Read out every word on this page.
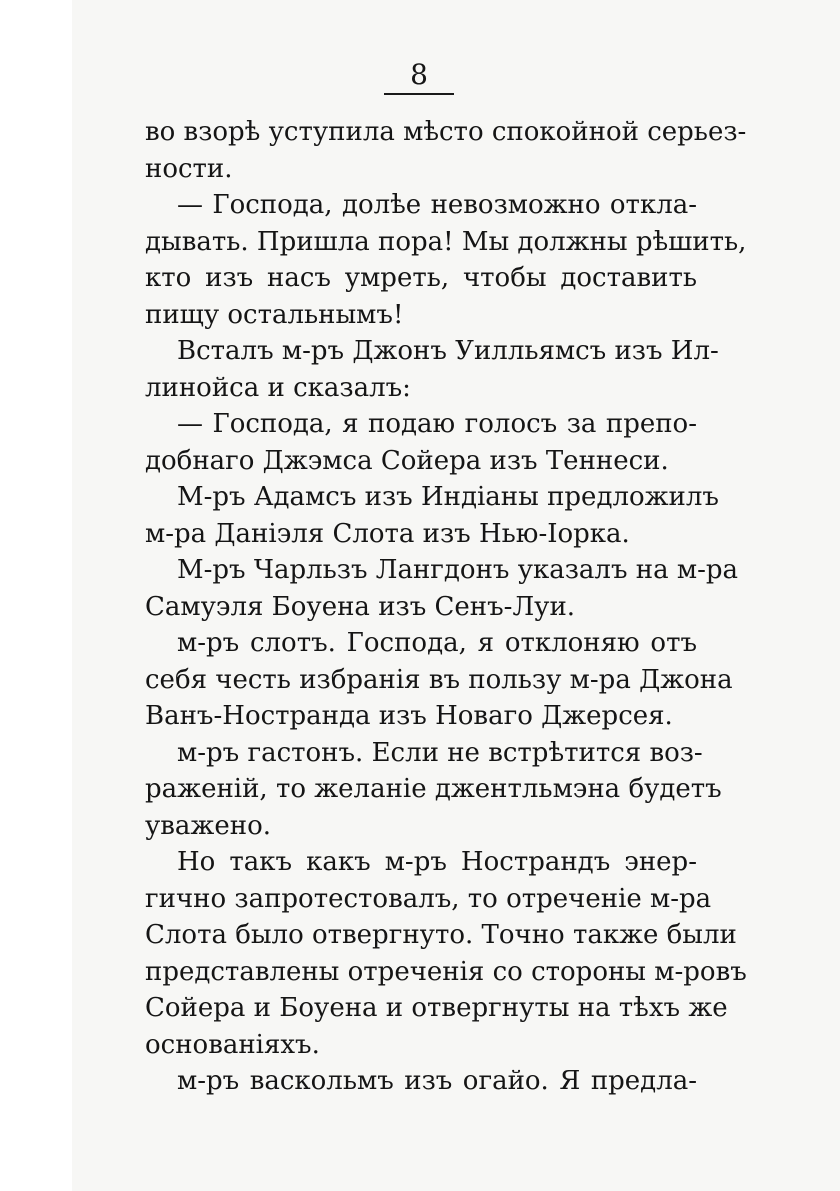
8
во взорѣ уступила мѣсто спокойной серьез-
ности.
— Господа, долѣе невозможно отклa-
дывать. Пришла пора! Мы должны рѣшить,
кто изъ насъ умреть, чтобы доставить
пищу остальнымъ!
Всталъ м-ръ Джонъ Уилльямсъ изъ Ил-
линойса и сказалъ:
— Господа, я подаю голосъ за препо-
добнаго Джэмса Сойера изъ Теннеси.
М-ръ Адамсъ изъ Индіаны предложилъ
м-ра Даніэля Слота изъ Нью-Іорка.
М-ръ Чарльзъ Лангдонъ указалъ на м-ра
Самуэля Боуена изъ Сенъ-Луи.
м-ръ слотъ. Господа, я отклоняю отъ
себя честь избранія въ пользу м-ра Джона
Ванъ-Нострaнда изъ Новаго Джерсея.
м-ръ гастонъ. Если не встрѣтится воз-
раженій, то желаніе джентльмэна будетъ
уважено.
Но такъ какъ м-ръ Нострандъ энер-
гично запротестовалъ, то отреченіе м-ра
Слота было отвергнуто. Точно также были
представлены отреченія со стороны м-ровъ
Сойера и Боуена и отвергнуты на тѣхъ же
основаніяхъ.
м-ръ васкольмъ изъ огайо. Я предла-
